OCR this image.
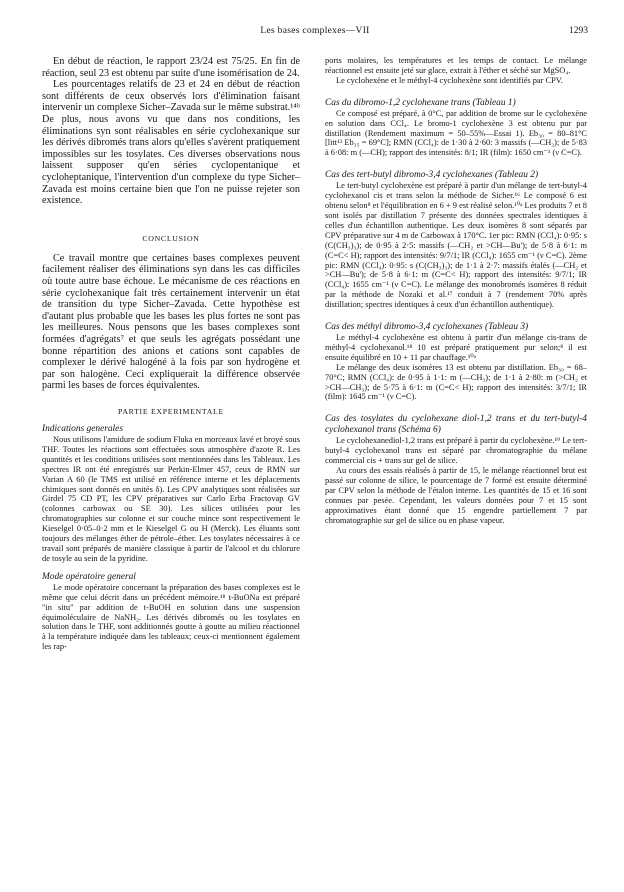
Les bases complexes—VII	1293

En début de réaction, le rapport 23/24 est 75/25. En fin de réaction, seul 23 est obtenu par suite d'une isomérisation de 24.

Les pourcentages relatifs de 23 et 24 en début de réaction sont différents de ceux observés lors d'élimination faisant intervenir un complexe Sicher–Zavada sur le même substrat.¹⁴ᵇ De plus, nous avons vu que dans nos conditions, les éliminations syn sont réalisables en série cyclohexanique sur les dérivés dibromés trans alors qu'elles s'avèrent pratiquement impossibles sur les tosylates. Ces diverses observations nous laissent supposer qu'en séries cyclopentanique et cycloheptanique, l'intervention d'un complexe du type Sicher–Zavada est moins certaine bien que l'on ne puisse rejeter son existence.

CONCLUSION

Ce travail montre que certaines bases complexes peuvent facilement réaliser des éliminations syn dans les cas difficiles où toute autre base échoue. Le mécanisme de ces réactions en série cyclohexanique fait très certainement intervenir un état de transition du type Sicher–Zavada. Cette hypothèse est d'autant plus probable que les bases les plus fortes ne sont pas les meilleures. Nous pensons que les bases complexes sont formées d'agrégats⁷ et que seuls les agrégats possédant une bonne répartition des anions et cations sont capables de complexer le dérivé halogéné à la fois par son hydrogène et par son halogène. Ceci expliquerait la différence observée parmi les bases de forces équivalentes.

PARTIE EXPERIMENTALE
Indications generales

Nous utilisons l'amidure de sodium Fluka en morceaux lavé et broyé sous THF. Toutes les réactions sont effectuées sous atmosphère d'azote R. Les quantités et les conditions utilisées sont mentionnées dans les Tableaux. Les spectres IR ont été enregistrés sur Perkin-Elmer 457, ceux de RMN sur Varian A 60 (le TMS est utilisé en référence interne et les déplacements chimiques sont donnés en unités δ). Les CPV analytiques sont réalisées sur Girdel 75 CD PT, les CPV préparatives sur Carlo Erba Fractovap GV (colonnes carbowax ou SE 30). Les silices utilisées pour les chromatographies sur colonne et sur couche mince sont respectivement le Kieselgel 0·05–0·2 mm et le Kieselgel G ou H (Merck). Les éluants sont toujours des mélanges éther de pétrole–éther. Les tosylates nécessaires à ce travail sont préparés de manière classique à partir de l'alcool et du chlorure de tosyle au sein de la pyridine.

Mode opératoire general

Le mode opératoire concernant la préparation des bases complexes est le même que celui décrit dans un précédent mémoire.¹⁸ t-BuONa est préparé "in situ" par addition de t-BuOH en solution dans une suspension équimoléculaire de NaNH₂. Les dérivés dibromés ou les tosylates en solution dans le THF, sont additionnés goutte à goutte au milieu réactionnel à la température indiquée dans les tableaux; ceux-ci mentionnent également les rap-

ports molaires, les températures et les temps de contact. Le mélange réactionnel est ensuite jeté sur glace, extrait à l'éther et séché sur MgSO₄.

Le cyclohexène et le méthyl-4 cyclohexène sont identifiés par CPV.

Cas du dibromo-1,2 cyclohexane trans (Tableau 1)

Ce composé est préparé, à 0°C, par addition de brome sur le cyclohexène en solution dans CCl₄. Le bromo-1 cyclohexène 3 est obtenu pur par distillation (Rendement maximum = 50–55%—Essai 1). Eb₃₀ = 80–81°C [litt¹³ Eb₃₅ = 69°C]; RMN (CCl₄): de 1·30 à 2·60: 3 massifs (—CH₂); de 5·83 à 6·08: m (—CH); rapport des intensités: 8/1; IR (film): 1650 cm⁻¹ (ν C=C).

Cas des tert-butyl dibromo-3,4 cyclohexanes (Tableau 2)

Le tert-butyl cyclohexène est préparé à partir d'un mélange de tert-butyl-4 cyclohexanol cis et trans selon la méthode de Sicher.¹⁶ Le composé 6 est obtenu selon⁸ et l'équilibration en 6 + 9 est réalisé selon.¹⁰ᵃ Les produits 7 et 8 sont isolés par distillation 7 présente des données spectrales identiques à celles d'un échantillon authentique. Les deux isomères 8 sont séparés par CPV préparative sur 4 m de Carbowax à 170°C. 1er pic: RMN (CCl₄): 0·95: s (C(CH₃)₃); de 0·95 à 2·5: massifs (—CH₂ et >CH—Bu'); de 5·8 à 6·1: m (C=C< H); rapport des intensités: 9/7/1; IR (CCl₄): 1655 cm⁻¹ (ν C=C). 2ème pic: RMN (CCl₄): 0·95: s (C(CH₃)₃); de 1·1 à 2·7: massifs étalés (—CH₂ et >CH—Bu'); de 5·8 à 6·1: m (C=C< H); rapport des intensités: 9/7/1; IR (CCl₄): 1655 cm⁻¹ (ν C=C). Le mélange des monobromés isomères 8 réduit par la méthode de Nozaki et al.¹⁷ conduit à 7 (rendement 70% après distillation; spectres identiques à ceux d'un échantillon authentique).

Cas des méthyl dibromo-3,4 cyclohexanes (Tableau 3)

Le méthyl-4 cyclohexène est obtenu à partir d'un mélange cis-trans de méthyl-4 cyclohexanol.¹⁸ 10 est préparé pratiquement pur selon;⁸ il est ensuite équilibré en 10 + 11 par chauffage.¹⁰ᵃ

Le mélange des deux isomères 13 est obtenu par distillation. Eb₃₀ = 68–70°C; RMN (CCl₄): de 0·95 à 1·1: m (—CH₃); de 1·1 à 2·80: m (>CH₂ et >CH—CH₃); de 5·75 à 6·1: m (C=C< H); rapport des intensités: 3/7/1; IR (film): 1645 cm⁻¹ (ν C=C).

Cas des tosylates du cyclohexane diol-1,2 trans et du tert-butyl-4 cyclohexanol trans (Schéma 6)

Le cyclohexanediol-1,2 trans est préparé à partir du cyclohexène.¹⁹ Le tert-butyl-4 cyclohexanol trans est séparé par chromatographie du mélane commercial cis + trans sur gel de silice.

Au cours des essais réalisés à partir de 15, le mélange réactionnel brut est passé sur colonne de silice, le pourcentage de 7 formé est ensuite déterminé par CPV selon la méthode de l'étalon interne. Les quantités de 15 et 16 sont connues par pesée. Cependant, les valeurs données pour 7 et 15 sont approximatives étant donné que 15 engendre partiellement 7 par chromatographie sur gel de silice ou en phase vapeur.
